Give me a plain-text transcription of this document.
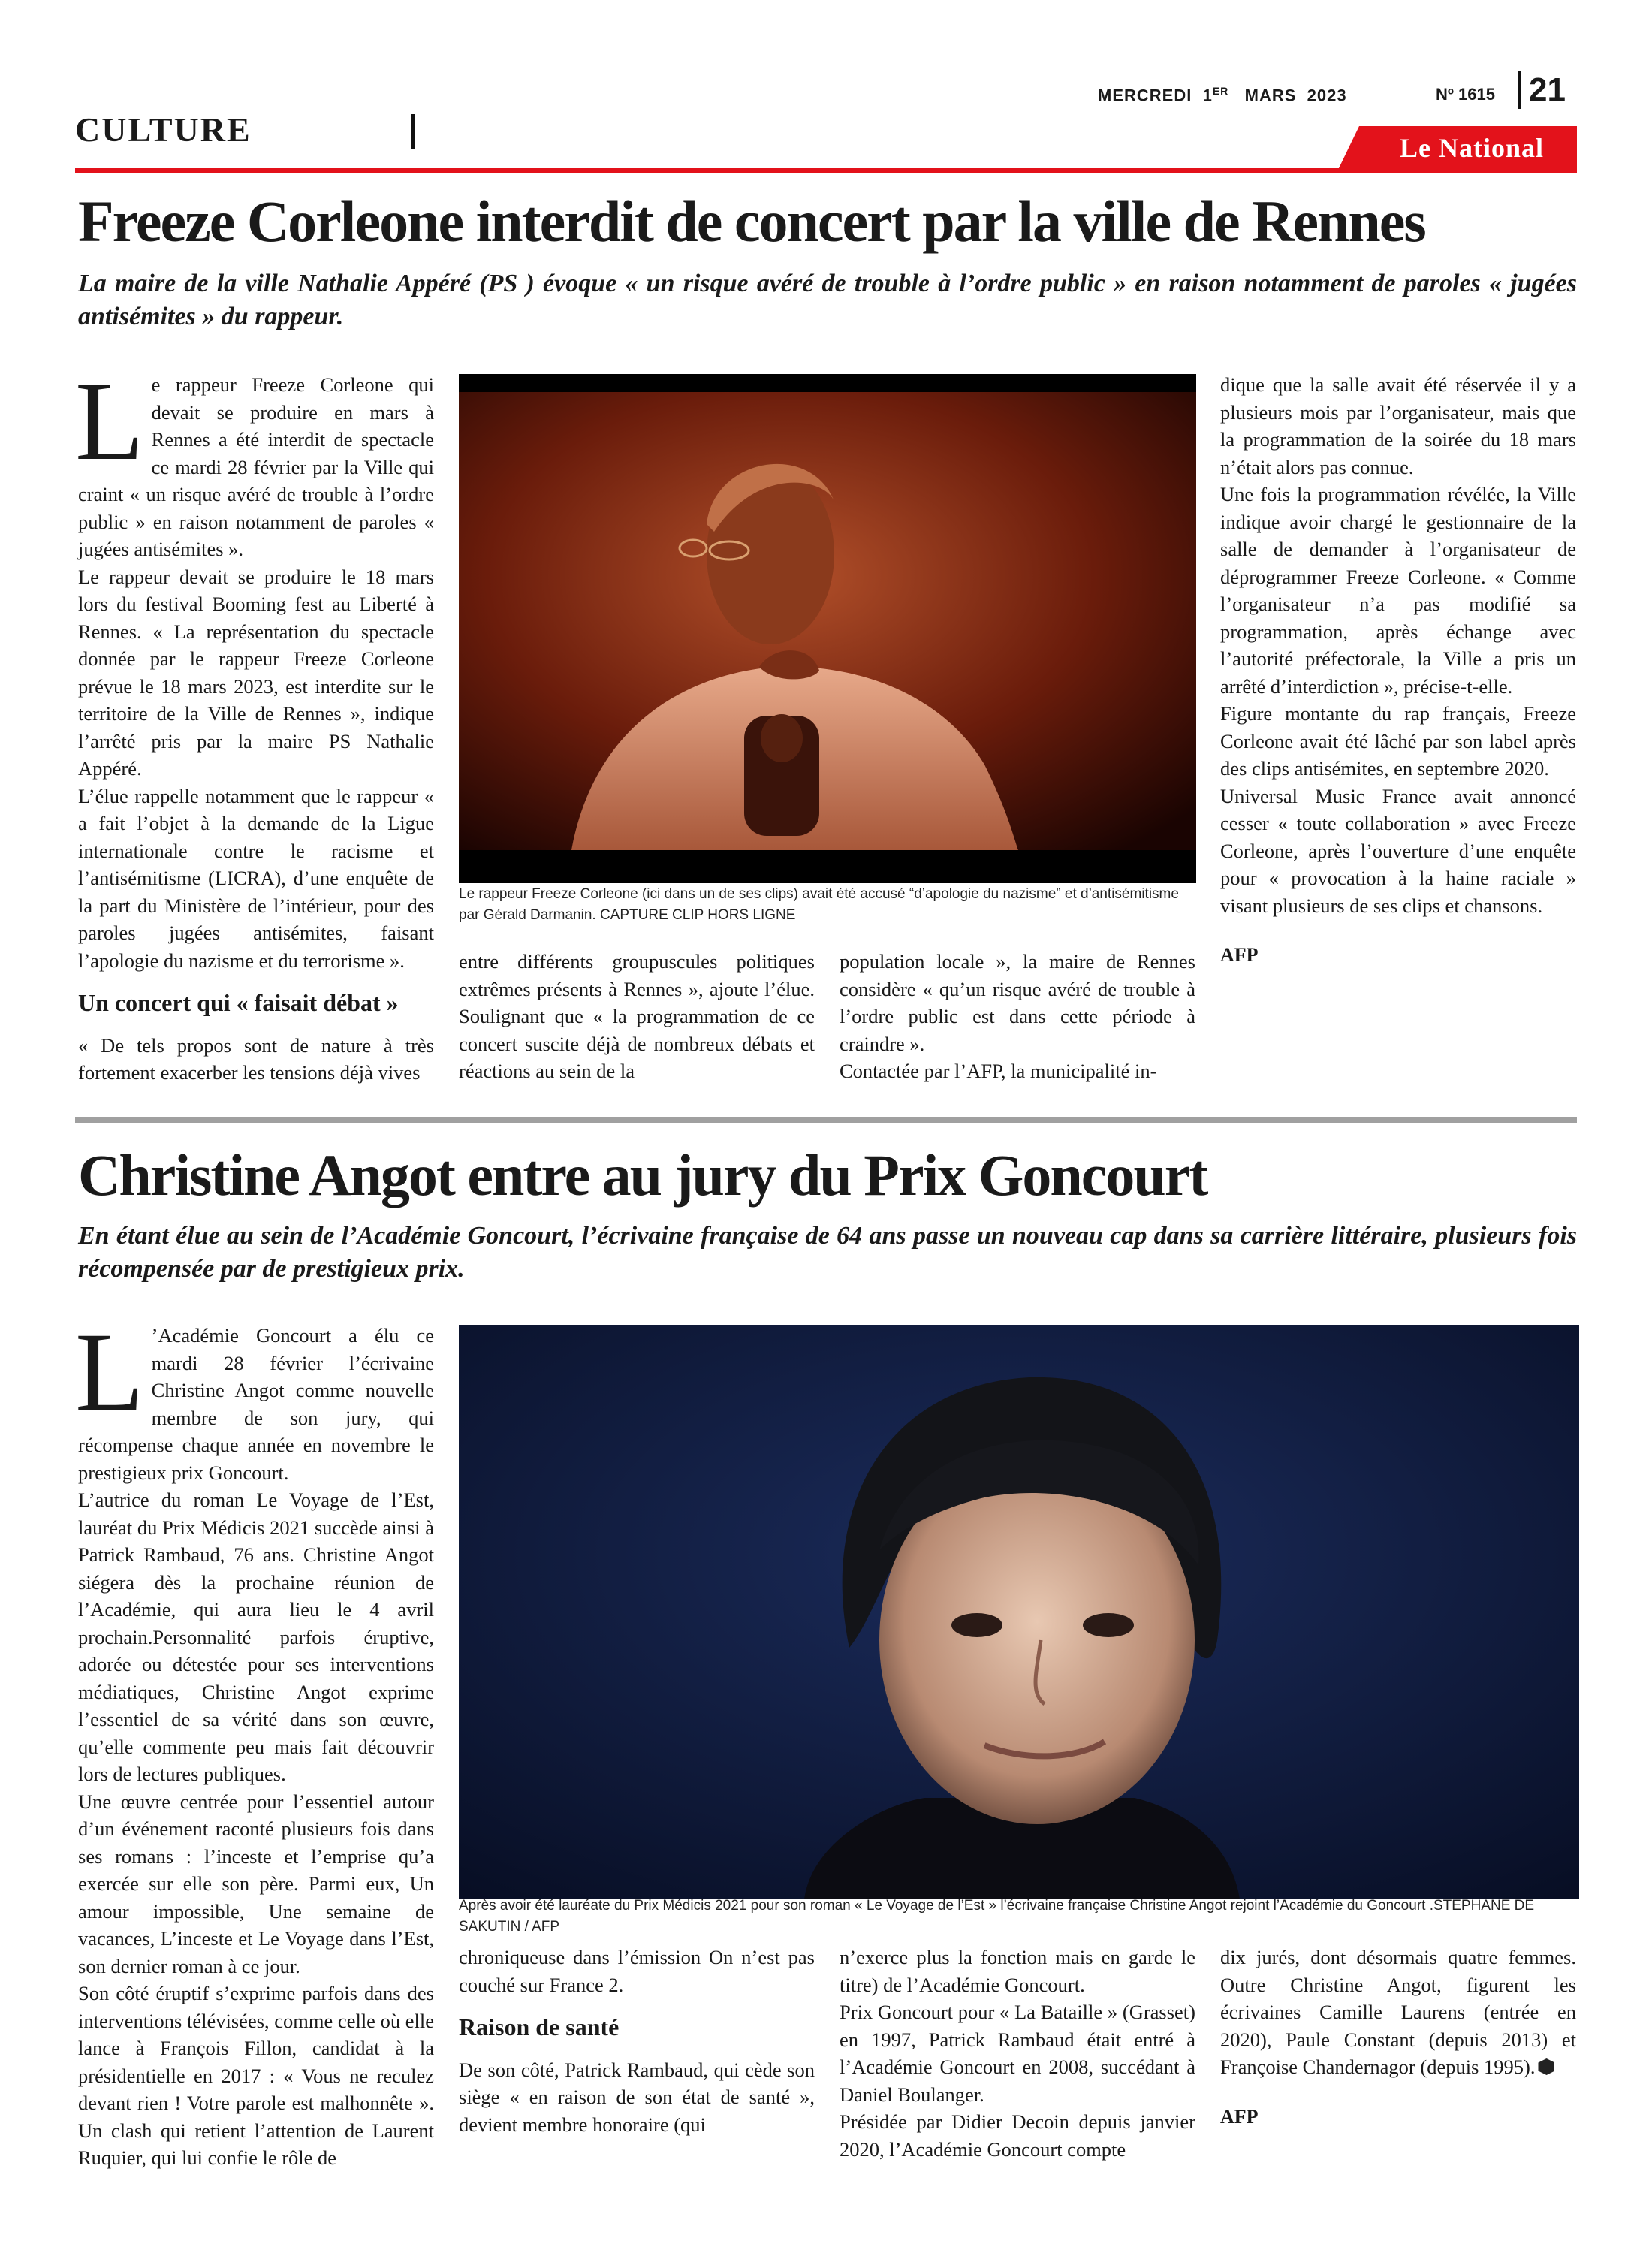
MERCREDI 1ER MARS  2023	Nº 1615 21
CULTURE	Le National
Freeze Corleone interdit de concert par la ville de Rennes
La maire de la ville Nathalie Appéré (PS ) évoque « un risque avéré de trouble à l’ordre public » en raison notamment de paroles « jugées antisémites » du rappeur.

Le rappeur Freeze Corleone qui devait se produire en mars à Rennes a été interdit de spectacle ce mardi 28 février par la Ville qui craint « un risque avéré de trouble à l’ordre public » en raison notamment de paroles « jugées antisémites ».

Le rappeur devait se produire le 18 mars lors du festival Booming fest au Liberté à Rennes. « La représentation du spectacle donnée par le rappeur Freeze Corleone prévue le 18 mars 2023, est interdite sur le territoire de la Ville de Rennes », indique l’arrêté pris par la maire PS Nathalie Appéré.

L’élue rappelle notamment que le rappeur « a fait l’objet à la demande de la Ligue internationale contre le racisme et l’antisémitisme (LICRA), d’une enquête de la part du Ministère de l’intérieur, pour des paroles jugées antisémites, faisant l’apologie du nazisme et du terrorisme ».

Un concert qui « faisait débat »

« De tels propos sont de nature à très fortement exacerber les tensions déjà vives

Le rappeur Freeze Corleone (ici dans un de ses clips) avait été accusé “d’apologie du nazisme” et d’antisémitisme par Gérald Darmanin. CAPTURE CLIP HORS LIGNE

entre différents groupuscules politiques extrêmes présents à Rennes », ajoute l’élue. Soulignant que « la programmation de ce concert suscite déjà de nombreux débats et réactions au sein de la

population locale », la maire de Rennes considère « qu’un risque avéré de trouble à l’ordre public est dans cette période à craindre ».

Contactée par l’AFP, la municipalité in-

dique que la salle avait été réservée il y a plusieurs mois par l’organisateur, mais que la programmation de la soirée du 18 mars n’était alors pas connue.

Une fois la programmation révélée, la Ville indique avoir chargé le gestionnaire de la salle de demander à l’organisateur de déprogrammer Freeze Corleone. « Comme l’organisateur n’a pas modifié sa programmation, après échange avec l’autorité préfectorale, la Ville a pris un arrêté d’interdiction », précise-t-elle.

Figure montante du rap français, Freeze Corleone avait été lâché par son label après des clips antisémites, en septembre 2020.

Universal Music France avait annoncé cesser « toute collaboration » avec Freeze Corleone, après l’ouverture d’une enquête pour « provocation à la haine raciale » visant plusieurs de ses clips et chansons.

AFP

Christine Angot entre au jury du Prix Goncourt
En étant élue au sein de l’Académie Goncourt, l’écrivaine française de 64 ans passe un nouveau cap dans sa carrière littéraire, plusieurs fois récompensée par de prestigieux prix.

L ’Académie Goncourt a élu ce mardi 28 février l’écrivaine Christine Angot comme nouvelle membre de son jury, qui récompense chaque année en novembre le prestigieux prix Goncourt.

L’autrice du roman Le Voyage de l’Est, lauréat du Prix Médicis 2021 succède ainsi à Patrick Rambaud, 76 ans. Christine Angot siégera dès la prochaine réunion de l’Académie, qui aura lieu le 4 avril prochain.Personnalité parfois éruptive, adorée ou détestée pour ses interventions médiatiques, Christine Angot exprime l’essentiel de sa vérité dans son œuvre, qu’elle commente peu mais fait découvrir lors de lectures publiques.

Une œuvre centrée pour l’essentiel autour d’un événement raconté plusieurs fois dans ses romans : l’inceste et l’emprise qu’a exercée sur elle son père. Parmi eux, Un amour impossible, Une semaine de vacances, L’inceste et Le Voyage dans l’Est, son dernier roman à ce jour.

Son côté éruptif s’exprime parfois dans des interventions télévisées, comme celle où elle lance à François Fillon, candidat à la présidentielle en 2017 : « Vous ne reculez devant rien ! Votre parole est malhonnête ». Un clash qui retient l’attention de Laurent Ruquier, qui lui confie le rôle de

Après avoir été lauréate du Prix Médicis 2021 pour son roman « Le Voyage de l’Est » l’écrivaine française Christine Angot rejoint l’Académie du Goncourt .STEPHANE DE SAKUTIN / AFP

chroniqueuse dans l’émission On n’est pas couché sur France 2.

Raison de santé

De son côté, Patrick Rambaud, qui cède son siège « en raison de son état de santé », devient membre honoraire (qui

n’exerce plus la fonction mais en garde le titre) de l’Académie Goncourt.

Prix Goncourt pour « La Bataille » (Grasset) en 1997, Patrick Rambaud était entré à l’Académie Goncourt en 2008, succédant à Daniel Boulanger.

Présidée par Didier Decoin depuis janvier 2020, l’Académie Goncourt compte

dix jurés, dont désormais quatre femmes. Outre Christine Angot, figurent les écrivaines Camille Laurens (entrée en 2020), Paule Constant (depuis 2013) et Françoise Chandernagor (depuis 1995).

AFP
